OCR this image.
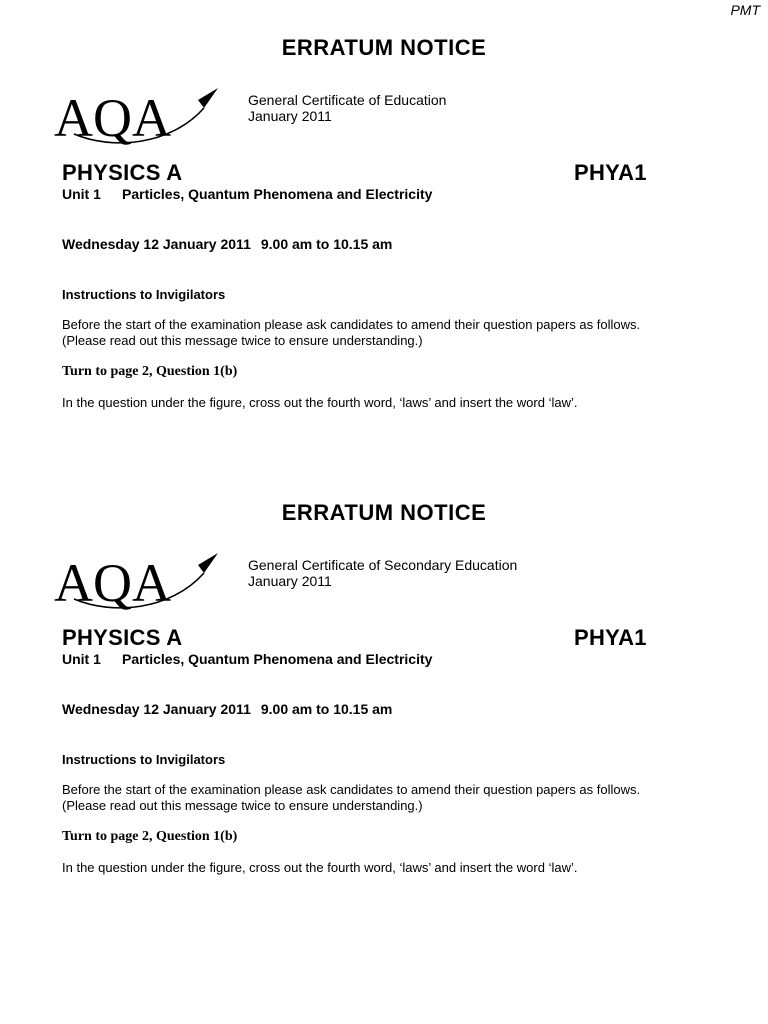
PMT
ERRATUM NOTICE
AQA	General Certificate of Education
January 2011
PHYSICS A	PHYA1
Unit 1 Particles, Quantum Phenomena and Electricity
Wednesday 12 January 2011 9.00 am to 10.15 am
Instructions to Invigilators
Before the start of the examination please ask candidates to amend their question papers as follows.
(Please read out this message twice to ensure understanding.)
Turn to page 2, Question 1(b)
In the question under the figure, cross out the fourth word, ‘laws’ and insert the word ‘law’.
ERRATUM NOTICE
AQA	General Certificate of Secondary Education
January 2011
PHYSICS A	PHYA1
Unit 1 Particles, Quantum Phenomena and Electricity
Wednesday 12 January 2011 9.00 am to 10.15 am
Instructions to Invigilators
Before the start of the examination please ask candidates to amend their question papers as follows.
(Please read out this message twice to ensure understanding.)
Turn to page 2, Question 1(b)
In the question under the figure, cross out the fourth word, ‘laws’ and insert the word ‘law’.
